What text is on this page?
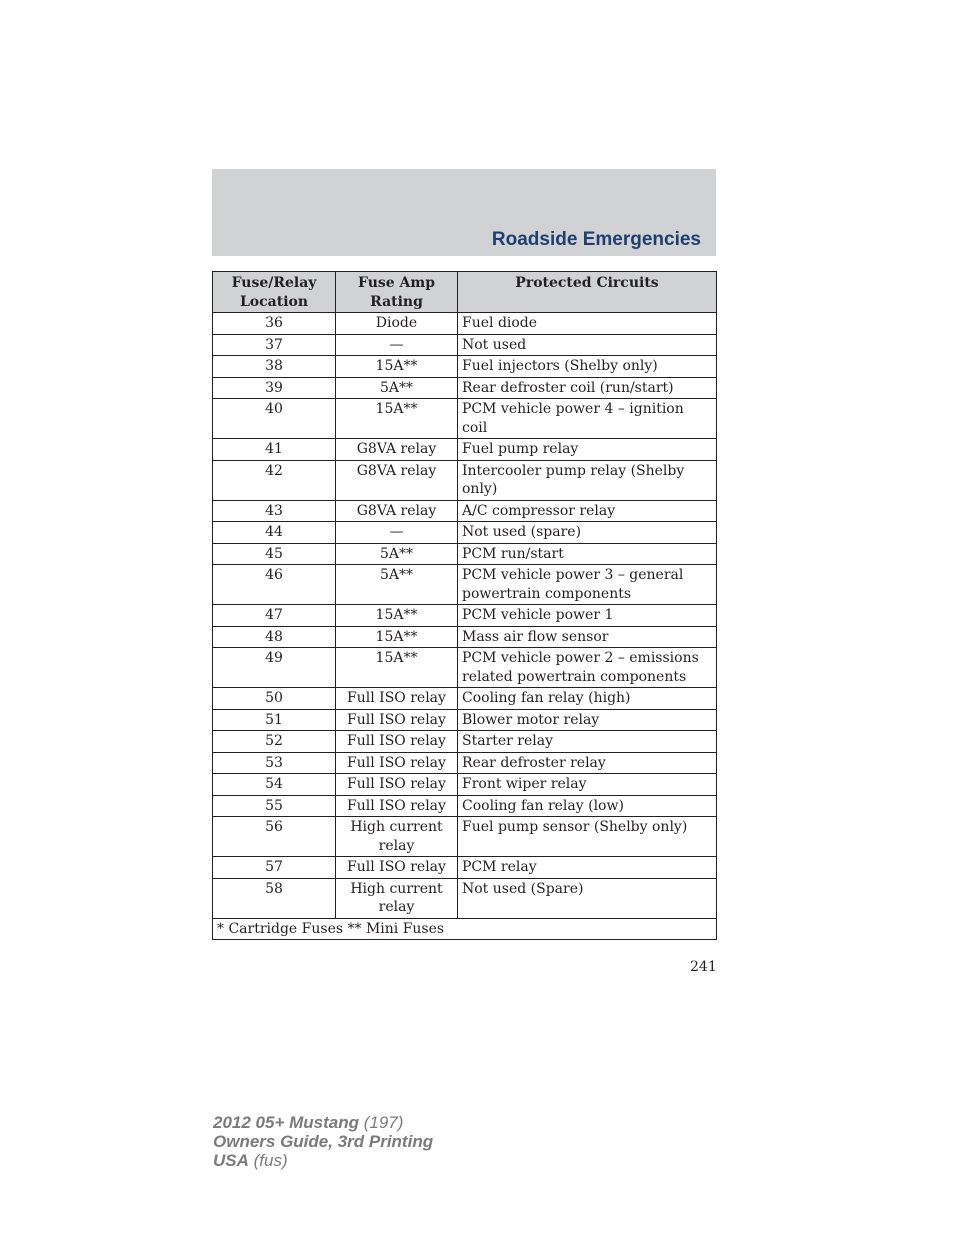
Roadside Emergencies
Fuse/Relay Location	Fuse Amp Rating	Protected Circuits
36	Diode	Fuel diode
37	—	Not used
38	15A**	Fuel injectors (Shelby only)
39	5A**	Rear defroster coil (run/start)
40	15A**	PCM vehicle power 4 – ignition coil
41	G8VA relay	Fuel pump relay
42	G8VA relay	Intercooler pump relay (Shelby only)
43	G8VA relay	A/C compressor relay
44	—	Not used (spare)
45	5A**	PCM run/start
46	5A**	PCM vehicle power 3 – general powertrain components
47	15A**	PCM vehicle power 1
48	15A**	Mass air flow sensor
49	15A**	PCM vehicle power 2 – emissions related powertrain components
50	Full ISO relay	Cooling fan relay (high)
51	Full ISO relay	Blower motor relay
52	Full ISO relay	Starter relay
53	Full ISO relay	Rear defroster relay
54	Full ISO relay	Front wiper relay
55	Full ISO relay	Cooling fan relay (low)
56	High current relay	Fuel pump sensor (Shelby only)
57	Full ISO relay	PCM relay
58	High current relay	Not used (Spare)
* Cartridge Fuses ** Mini Fuses		
241
2012 05+ Mustang (197)
Owners Guide, 3rd Printing
USA (fus)
